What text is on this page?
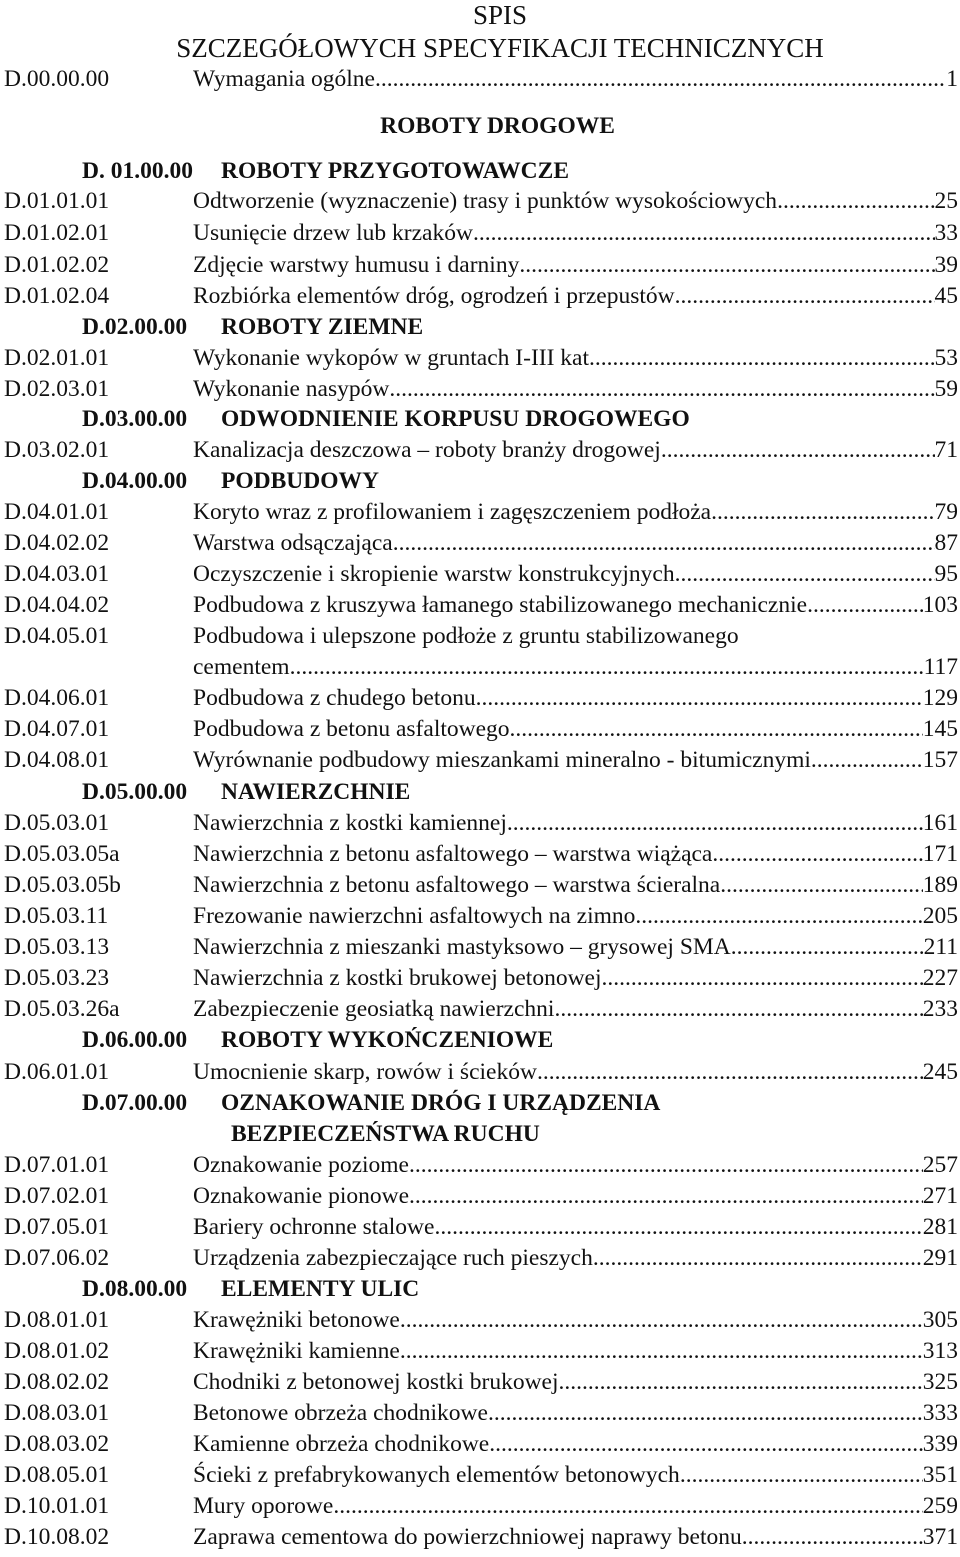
SPIS
SZCZEGÓŁOWYCH SPECYFIKACJI TECHNICZNYCH
D.00.00.00	Wymagania ogólne .....	1
ROBOTY DROGOWE
D. 01.00.00 ROBOTY PRZYGOTOWAWCZE
D.01.01.01	Odtworzenie (wyznaczenie) trasy i punktów wysokościowych .....	25
D.01.02.01	Usunięcie drzew lub krzaków .....	33
D.01.02.02	Zdjęcie warstwy humusu i darniny .....	39
D.01.02.04	Rozbiórka elementów dróg, ogrodzeń i przepustów .....	45
D.02.00.00 ROBOTY ZIEMNE
D.02.01.01	Wykonanie wykopów w gruntach I-III kat. .....	53
D.02.03.01	Wykonanie nasypów .....	59
D.03.00.00 ODWODNIENIE KORPUSU DROGOWEGO
D.03.02.01	Kanalizacja deszczowa – roboty branży drogowej .....	71
D.04.00.00 PODBUDOWY
D.04.01.01	Koryto wraz z profilowaniem i zagęszczeniem podłoża .....	79
D.04.02.02	Warstwa odsączająca .....	87
D.04.03.01	Oczyszczenie i skropienie warstw konstrukcyjnych .....	95
D.04.04.02	Podbudowa z kruszywa łamanego stabilizowanego mechanicznie .....	103
D.04.05.01	Podbudowa i ulepszone podłoże z gruntu stabilizowanego
cementem .....	117
D.04.06.01	Podbudowa z chudego betonu .....	129
D.04.07.01	Podbudowa z betonu asfaltowego .....	145
D.04.08.01	Wyrównanie podbudowy mieszankami mineralno - bitumicznymi .....	157
D.05.00.00 NAWIERZCHNIE
D.05.03.01	Nawierzchnia z kostki kamiennej .....	161
D.05.03.05a	Nawierzchnia z betonu asfaltowego – warstwa wiążąca .....	171
D.05.03.05b	Nawierzchnia z betonu asfaltowego – warstwa ścieralna .....	189
D.05.03.11	Frezowanie nawierzchni asfaltowych na zimno .....	205
D.05.03.13	Nawierzchnia z mieszanki mastyksowo – grysowej SMA .....	211
D.05.03.23	Nawierzchnia z kostki brukowej betonowej .....	227
D.05.03.26a	Zabezpieczenie geosiatką nawierzchni .....	233
D.06.00.00 ROBOTY WYKOŃCZENIOWE
D.06.01.01	Umocnienie skarp, rowów i ścieków .....	245
D.07.00.00 OZNAKOWANIE DRÓG I URZĄDZENIA
BEZPIECZEŃSTWA RUCHU
D.07.01.01	Oznakowanie poziome .....	257
D.07.02.01	Oznakowanie pionowe .....	271
D.07.05.01	Bariery ochronne stalowe .....	281
D.07.06.02	Urządzenia zabezpieczające ruch pieszych .....	291
D.08.00.00 ELEMENTY ULIC
D.08.01.01	Krawężniki betonowe .....	305
D.08.01.02	Krawężniki kamienne .....	313
D.08.02.02	Chodniki z betonowej kostki brukowej .....	325
D.08.03.01	Betonowe obrzeża chodnikowe .....	333
D.08.03.02	Kamienne obrzeża chodnikowe .....	339
D.08.05.01	Ścieki z prefabrykowanych elementów betonowych .....	351
D.10.01.01	Mury oporowe .....	259
D.10.08.02	Zaprawa cementowa do powierzchniowej naprawy betonu .....	371
